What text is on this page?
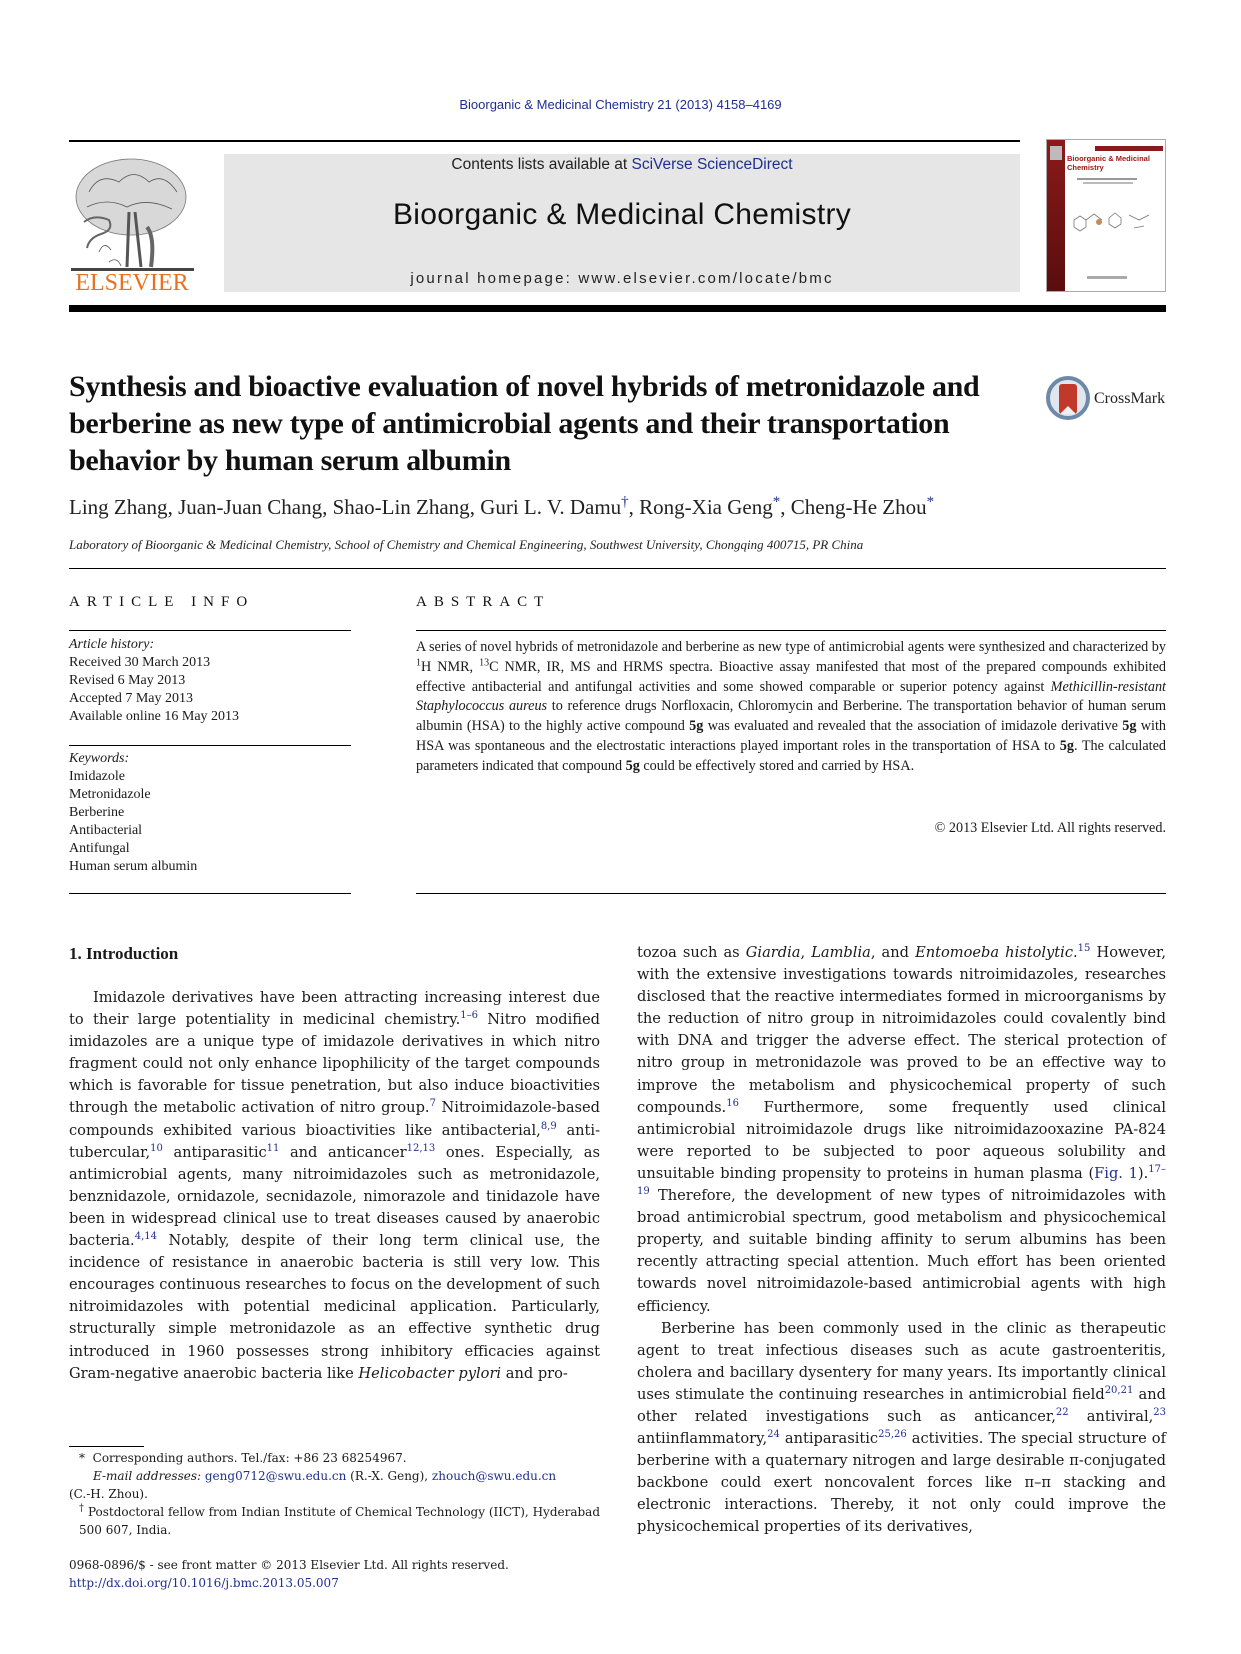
Bioorganic & Medicinal Chemistry 21 (2013) 4158–4169
ELSEVIER
Contents lists available at SciVerse ScienceDirect
Bioorganic & Medicinal Chemistry
journal homepage: www.elsevier.com/locate/bmc
Bioorganic & Medicinal
Chemistry
Synthesis and bioactive evaluation of novel hybrids of metronidazole and berberine as new type of antimicrobial agents and their transportation behavior by human serum albumin
CrossMark
Ling Zhang, Juan-Juan Chang, Shao-Lin Zhang, Guri L. V. Damu†, Rong-Xia Geng*, Cheng-He Zhou*
Laboratory of Bioorganic & Medicinal Chemistry, School of Chemistry and Chemical Engineering, Southwest University, Chongqing 400715, PR China
ARTICLE INFO
Article history:
Received 30 March 2013
Revised 6 May 2013
Accepted 7 May 2013
Available online 16 May 2013
Keywords:
Imidazole
Metronidazole
Berberine
Antibacterial
Antifungal
Human serum albumin
ABSTRACT
A series of novel hybrids of metronidazole and berberine as new type of antimicrobial agents were synthesized and characterized by $^1$H NMR, $^{13}$C NMR, IR, MS and HRMS spectra. Bioactive assay manifested that most of the prepared compounds exhibited effective antibacterial and antifungal activities and some showed comparable or superior potency against Methicillin-resistant Staphylococcus aureus to reference drugs Norfloxacin, Chloromycin and Berberine. The transportation behavior of human serum albumin (HSA) to the highly active compound 5g was evaluated and revealed that the association of imidazole derivative 5g with HSA was spontaneous and the electrostatic interactions played important roles in the transportation of HSA to 5g. The calculated parameters indicated that compound 5g could be effectively stored and carried by HSA.
© 2013 Elsevier Ltd. All rights reserved.
1. Introduction

Imidazole derivatives have been attracting increasing interest due to their large potentiality in medicinal chemistry.$^{1-6}$ Nitro modified imidazoles are a unique type of imidazole derivatives in which nitro fragment could not only enhance lipophilicity of the target compounds which is favorable for tissue penetration, but also induce bioactivities through the metabolic activation of nitro group.$^7$ Nitroimidazole-based compounds exhibited various bioactivities like antibacterial,$^{8,9}$ anti-tubercular,$^{10}$ antiparasitic$^{11}$ and anticancer$^{12,13}$ ones. Especially, as antimicrobial agents, many nitroimidazoles such as metronidazole, benznidazole, ornidazole, secnidazole, nimorazole and tinidazole have been in widespread clinical use to treat diseases caused by anaerobic bacteria.$^{4,14}$ Notably, despite of their long term clinical use, the incidence of resistance in anaerobic bacteria is still very low. This encourages continuous researches to focus on the development of such nitroimidazoles with potential medicinal application. Particularly, structurally simple metronidazole as an effective synthetic drug introduced in 1960 possesses strong inhibitory efficacies against Gram-negative anaerobic bacteria like Helicobacter pylori and pro-

tozoa such as Giardia, Lamblia, and Entomoeba histolytic.$^{15}$ However, with the extensive investigations towards nitroimidazoles, researches disclosed that the reactive intermediates formed in microorganisms by the reduction of nitro group in nitroimidazoles could covalently bind with DNA and trigger the adverse effect. The sterical protection of nitro group in metronidazole was proved to be an effective way to improve the metabolism and physicochemical property of such compounds.$^{16}$ Furthermore, some frequently used clinical antimicrobial nitroimidazole drugs like nitroimidazooxazine PA-824 were reported to be subjected to poor aqueous solubility and unsuitable binding propensity to proteins in human plasma (Fig. 1).$^{17-19}$ Therefore, the development of new types of nitroimidazoles with broad antimicrobial spectrum, good metabolism and physicochemical property, and suitable binding affinity to serum albumins has been recently attracting special attention. Much effort has been oriented towards novel nitroimidazole-based antimicrobial agents with high efficiency.

Berberine has been commonly used in the clinic as therapeutic agent to treat infectious diseases such as acute gastroenteritis, cholera and bacillary dysentery for many years. Its importantly clinical uses stimulate the continuing researches in antimicrobial field$^{20,21}$ and other related investigations such as anticancer,$^{22}$ antiviral,$^{23}$ antiinflammatory,$^{24}$ antiparasitic$^{25,26}$ activities. The special structure of berberine with a quaternary nitrogen and large desirable π-conjugated backbone could exert noncovalent forces like π–π stacking and electronic interactions. Thereby, it not only could improve the physicochemical properties of its derivatives,

* Corresponding authors. Tel./fax: +86 23 68254967.
E-mail addresses: geng0712@swu.edu.cn (R.-X. Geng), zhouch@swu.edu.cn
(C.-H. Zhou).
† Postdoctoral fellow from Indian Institute of Chemical Technology (IICT), Hyderabad 500 607, India.
0968-0896/$ - see front matter © 2013 Elsevier Ltd. All rights reserved.
http://dx.doi.org/10.1016/j.bmc.2013.05.007
